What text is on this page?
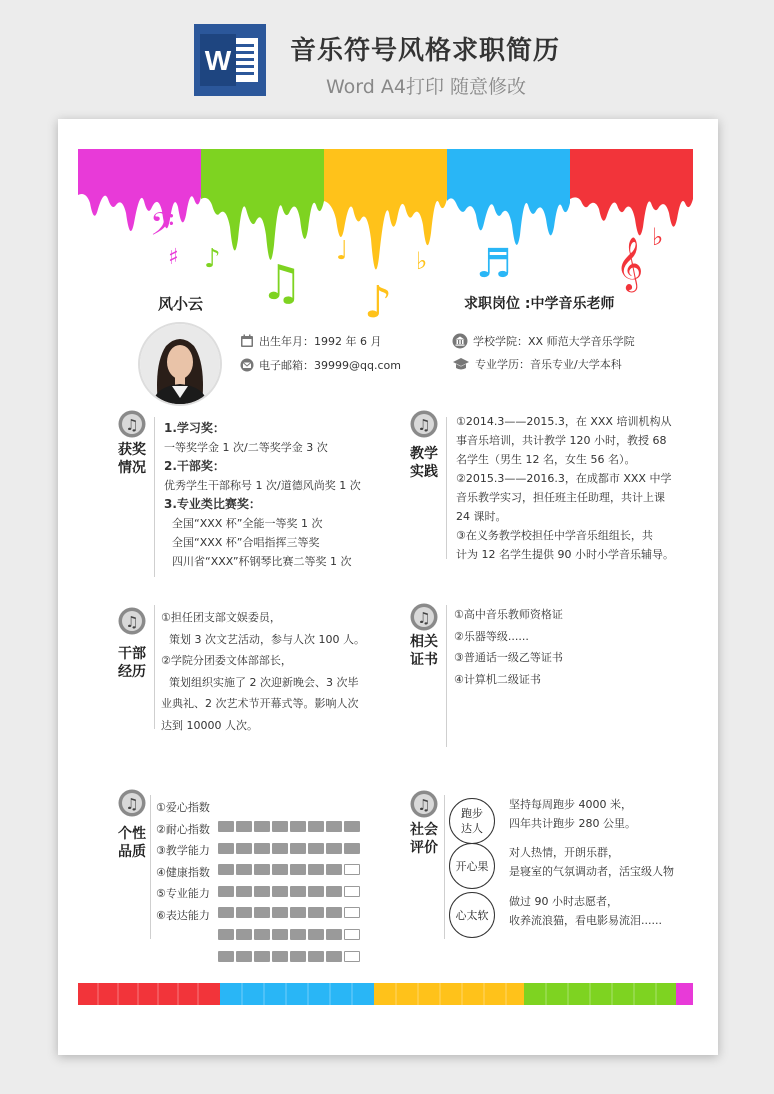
W 音乐符号风格求职简历
Word A4打印 随意修改
𝄢
♯ ♪ ♫
♩
♪
♭ ♬ 𝄞 ♭
风小云	求职岗位 :中学音乐老师
出生年月：1992 年 6 月
电子邮箱：39999@qq.com
学校学院：XX 师范大学音乐学院
专业学历：音乐专业/大学本科
♫
获奖
情况

1.学习奖：

一等奖学金 1 次/二等奖学金 3 次

2.干部奖：

优秀学生干部称号 1 次/道德风尚奖 1 次

3.专业类比赛奖：

全国“XXX 杯”全能一等奖 1 次

全国“XXX 杯”合唱指挥三等奖

四川省“XXX”杯钢琴比赛二等奖 1 次

♫
教学
实践

①2014.3——2015.3，在 XXX 培训机构从

事音乐培训，共计教学 120 小时，教授 68

名学生（男生 12 名，女生 56 名）。

②2015.3——2016.3，在成都市 XXX 中学

音乐教学实习，担任班主任助理，共计上课

24 课时。

③在义务教学校担任中学音乐组组长，共

计为 12 名学生提供 90 小时小学音乐辅导。

♫
干部
经历

①担任团支部文娱委员，

策划 3 次文艺活动，参与人次 100 人。

②学院分团委文体部部长，

策划组织实施了 2 次迎新晚会、3 次毕

业典礼、2 次艺术节开幕式等。影响人次

达到 10000 人次。

♫
相关
证书

①高中音乐教师资格证

②乐器等级......

③普通话一级乙等证书

④计算机二级证书

♫
个性
品质
①爱心指数
②耐心指数
③教学能力
④健康指数
⑤专业能力
⑥表达能力
♫
社会
评价
跑步
达人
坚持每周跑步 4000 米，
四年共计跑步 280 公里。
开心果
对人热情，开朗乐群，
是寝室的气氛调动者，活宝级人物
心太软
做过 90 小时志愿者，
收养流浪猫，看电影易流泪......
